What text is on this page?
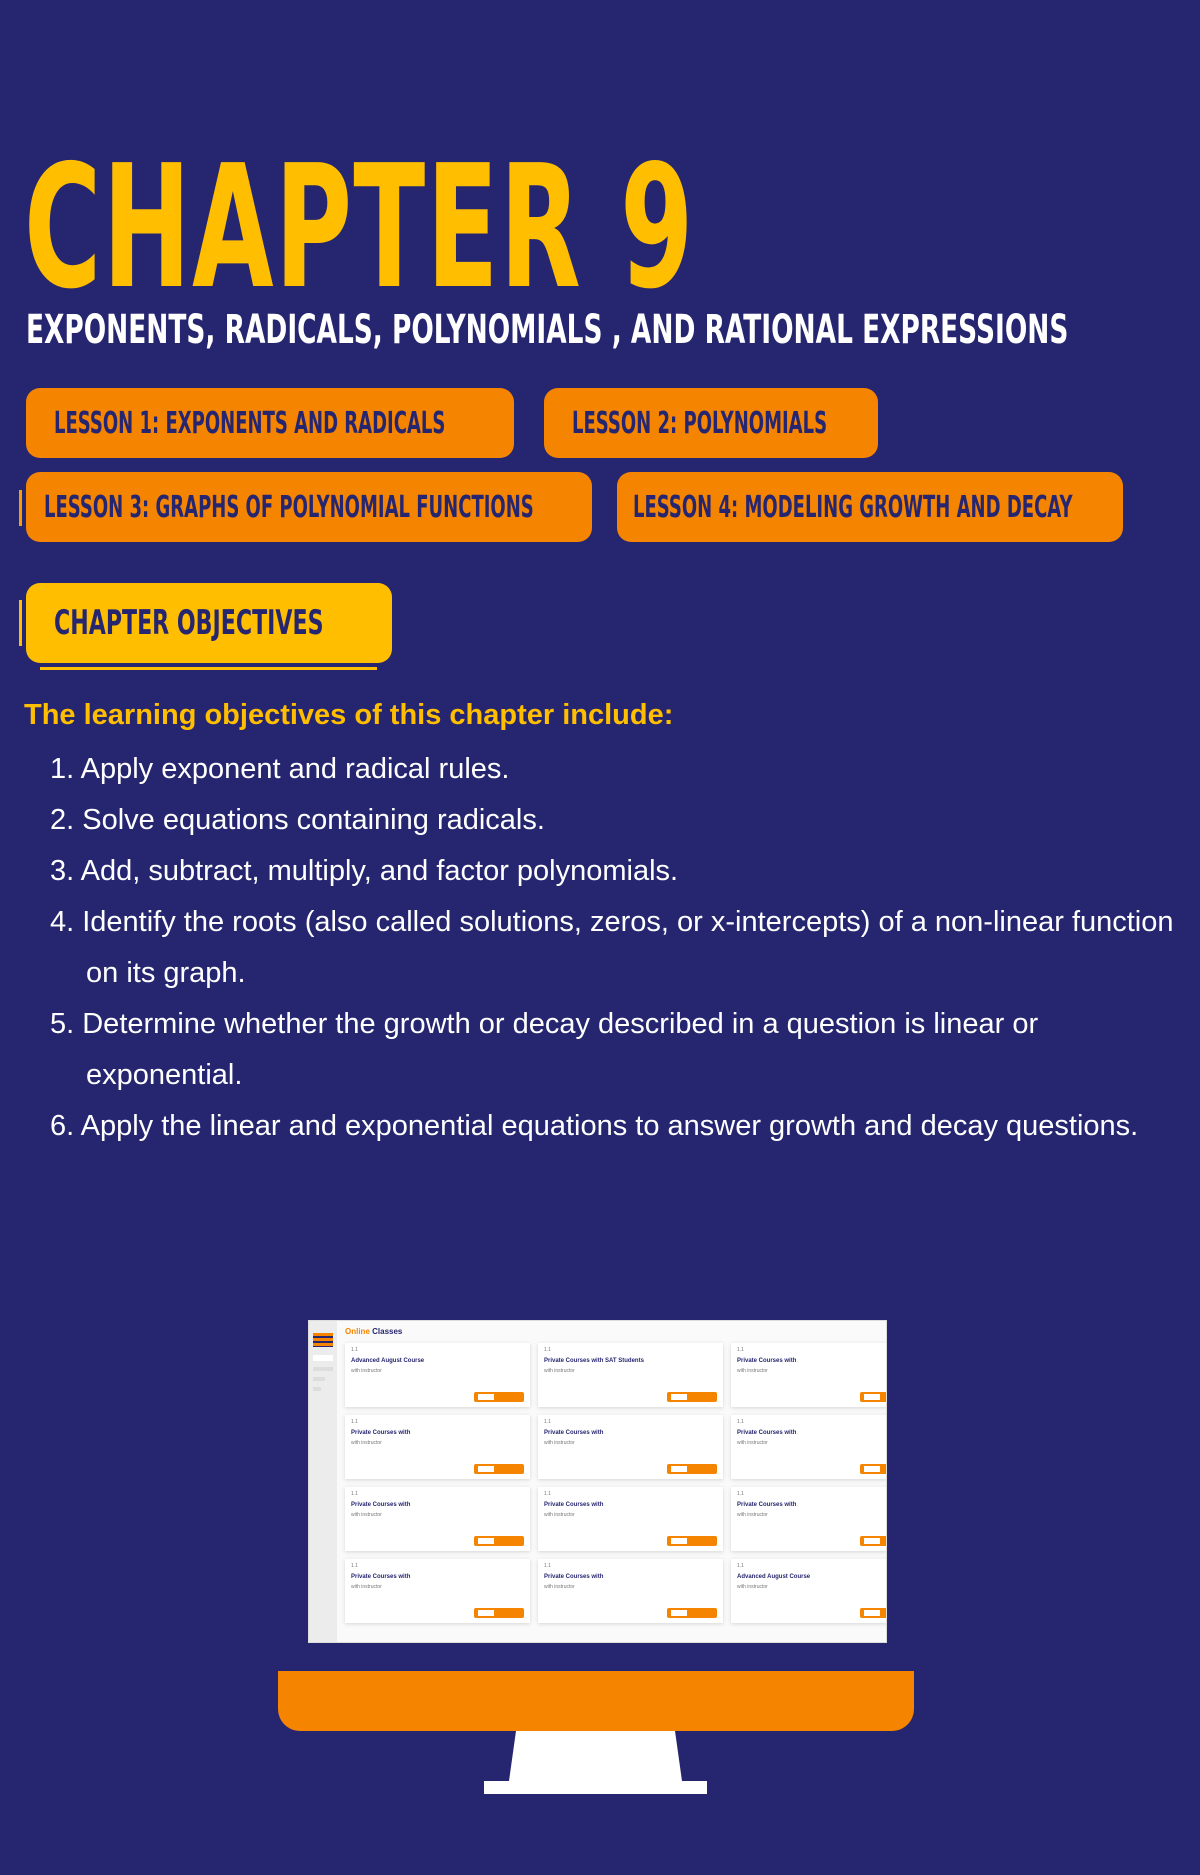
CHAPTER 9
EXPONENTS, RADICALS, POLYNOMIALS , AND RATIONAL EXPRESSIONS
LESSON 1: EXPONENTS AND RADICALS	LESSON 2: POLYNOMIALS
LESSON 3: GRAPHS OF POLYNOMIAL FUNCTIONS	LESSON 4: MODELING GROWTH AND DECAY
CHAPTER OBJECTIVES
The learning objectives of this chapter include:
1. Apply exponent and radical rules.
2. Solve equations containing radicals.
3. Add, subtract, multiply, and factor polynomials.
4. Identify the roots (also called solutions, zeros, or x-intercepts) of a non-linear function on its graph.
5. Determine whether the growth or decay described in a question is linear or exponential.
6. Apply the linear and exponential equations to answer growth and decay questions.
Online Classes
1.1
Advanced August Course
with instructor
1.1
Private Courses with SAT Students
with instructor
1.1
Private Courses with
with instructor
1.1
Private Courses with
with instructor
1.1
Private Courses with
with instructor
1.1
Private Courses with
with instructor
1.1
Private Courses with
with instructor
1.1
Private Courses with
with instructor
1.1
Private Courses with
with instructor
1.1
Private Courses with
with instructor
1.1
Private Courses with
with instructor
1.1
Advanced August Course
with instructor
